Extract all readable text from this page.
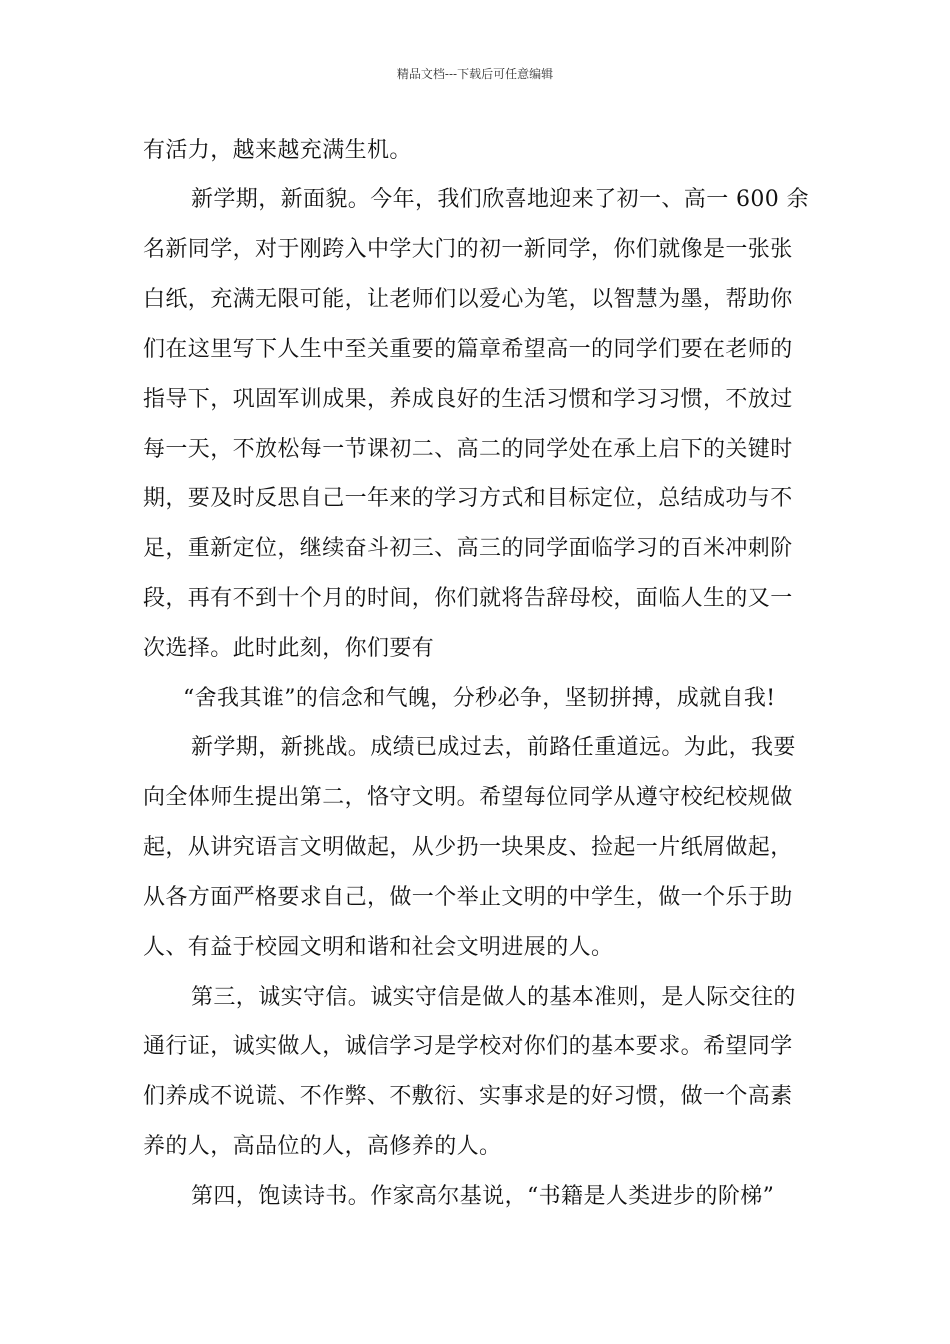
精品文档---下载后可任意编辑
有活力，越来越充满生机。
新学期，新面貌。今年，我们欣喜地迎来了初一、高一 600 余
名新同学，对于刚跨入中学大门的初一新同学，你们就像是一张张
白纸，充满无限可能，让老师们以爱心为笔，以智慧为墨，帮助你
们在这里写下人生中至关重要的篇章希望高一的同学们要在老师的
指导下，巩固军训成果，养成良好的生活习惯和学习习惯，不放过
每一天，不放松每一节课初二、高二的同学处在承上启下的关键时
期，要及时反思自己一年来的学习方式和目标定位，总结成功与不
足，重新定位，继续奋斗初三、高三的同学面临学习的百米冲刺阶
段，再有不到十个月的时间，你们就将告辞母校，面临人生的又一
次选择。此时此刻，你们要有
“舍我其谁”的信念和气魄，分秒必争，坚韧拼搏，成就自我!
新学期，新挑战。成绩已成过去，前路任重道远。为此，我要
向全体师生提出第二，恪守文明。希望每位同学从遵守校纪校规做
起，从讲究语言文明做起，从少扔一块果皮、捡起一片纸屑做起，
从各方面严格要求自己，做一个举止文明的中学生，做一个乐于助
人、有益于校园文明和谐和社会文明进展的人。
第三，诚实守信。诚实守信是做人的基本准则，是人际交往的
通行证，诚实做人，诚信学习是学校对你们的基本要求。希望同学
们养成不说谎、不作弊、不敷衍、实事求是的好习惯，做一个高素
养的人，高品位的人，高修养的人。
第四，饱读诗书。作家高尔基说，“书籍是人类进步的阶梯”
